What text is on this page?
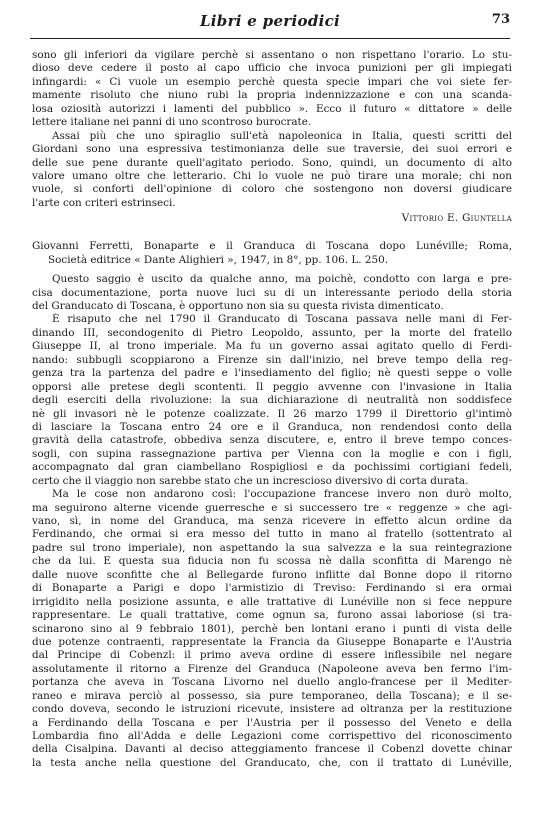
Libri e periodici	73
sono gli inferiori da vigilare perchè si assentano o non rispettano l'orario. Lo stu-
dioso deve cedere il posto al capo ufficio che invoca punizioni per gli impiegati
infingardi: « Ci vuole un esempio perchè questa specie impari che voi siete fer-
mamente risoluto che niuno rubi la propria indennizzazione e con una scanda-
losa oziosità autorizzi i lamenti del pubblico ». Ecco il futuro « dittatore » delle
lettere italiane nei panni di uno scontroso burocrate.
Assai più che uno spiraglio sull'età napoleonica in Italia, questi scritti del
Giordani sono una espressiva testimonianza delle sue traversie, dei suoi errori e
delle sue pene durante quell'agitato periodo. Sono, quindi, un documento di alto
valore umano oltre che letterario. Chi lo vuole ne può tirare una morale; chi non
vuole, si conforti dell'opinione di coloro che sostengono non doversi giudicare
l'arte con criteri estrinseci.
Vittorio E. Giuntella
Giovanni Ferretti, Bonaparte e il Granduca di Toscana dopo Lunéville; Roma,
Società editrice « Dante Alighieri », 1947, in 8°, pp. 106. L. 250.
Questo saggio è uscito da qualche anno, ma poichè, condotto con larga e pre-
cisa documentazione, porta nuove luci su di un interessante periodo della storia
del Granducato di Toscana, è opportuno non sia su questa rivista dimenticato.
È risaputo che nel 1790 il Granducato di Toscana passava nelle mani di Fer-
dinando III, secondogenito di Pietro Leopoldo, assunto, per la morte del fratello
Giuseppe II, al trono imperiale. Ma fu un governo assai agitato quello di Ferdi-
nando: subbugli scoppiarono a Firenze sin dall'inizio, nel breve tempo della reg-
genza tra la partenza del padre e l'insediamento del figlio; nè questi seppe o volle
opporsi alle pretese degli scontenti. Il peggio avvenne con l'invasione in Italia
degli eserciti della rivoluzione: la sua dichiarazione di neutralità non soddisfece
nè gli invasori nè le potenze coalizzate. Il 26 marzo 1799 il Direttorio gl'intimò
di lasciare la Toscana entro 24 ore e il Granduca, non rendendosi conto della
gravità della catastrofe, obbediva senza discutere, e, entro il breve tempo conces-
sogli, con supina rassegnazione partiva per Vienna con la moglie e con i figli,
accompagnato dal gran ciambellano Rospigliosi e da pochissimi cortigiani fedeli,
certo che il viaggio non sarebbe stato che un incresciosο diversivo di corta durata.
Ma le cose non andarono così: l'occupazione francese invero non durò molto,
ma seguirono alterne vicende guerresche e si successero tre « reggenze » che agi-
vano, sì, in nome del Granduca, ma senza ricevere in effetto alcun ordine da
Ferdinando, che ormai si era messo del tutto in mano al fratello (sottentrato al
padre sul trono imperiale), non aspettando la sua salvezza e la sua reintegrazione
che da lui. E questa sua fiducia non fu scossa nè dalla sconfitta di Marengo nè
dalle nuove sconfitte che al Bellegarde furono inflitte dal Bonne dopo il ritorno
di Bonaparte a Parigi e dopo l'armistizio di Treviso: Ferdinando si era ormai
irrigidito nella posizione assunta, e alle trattative di Lunéville non si fece neppure
rappresentare. Le quali trattative, come ognun sa, furono assai laboriose (si tra-
scinarono sino al 9 febbraio 1801), perchè ben lontani erano i punti di vista delle
due potenze contraenti, rappresentate la Francia da Giuseppe Bonaparte e l'Austria
dal Principe di Cobenzl: il primo aveva ordine di essere inflessibile nel negare
assolutamente il ritorno a Firenze del Granduca (Napoleone aveva ben fermo l'im-
portanza che aveva in Toscana Livorno nel duello anglo-francese per il Mediter-
raneo e mirava perciò al possesso, sia pure temporaneo, della Toscana); e il se-
condo doveva, secondo le istruzioni ricevute, insistere ad oltranza per la restituzione
a Ferdinando della Toscana e per l'Austria per il possesso del Veneto e della
Lombardia fino all'Adda e delle Legazioni come corrispettivo del riconoscimento
della Cisalpina. Davanti al deciso atteggiamento francese il Cobenzl dovette chinar
la testa anche nella questione del Granducato, che, con il trattato di Lunéville,
